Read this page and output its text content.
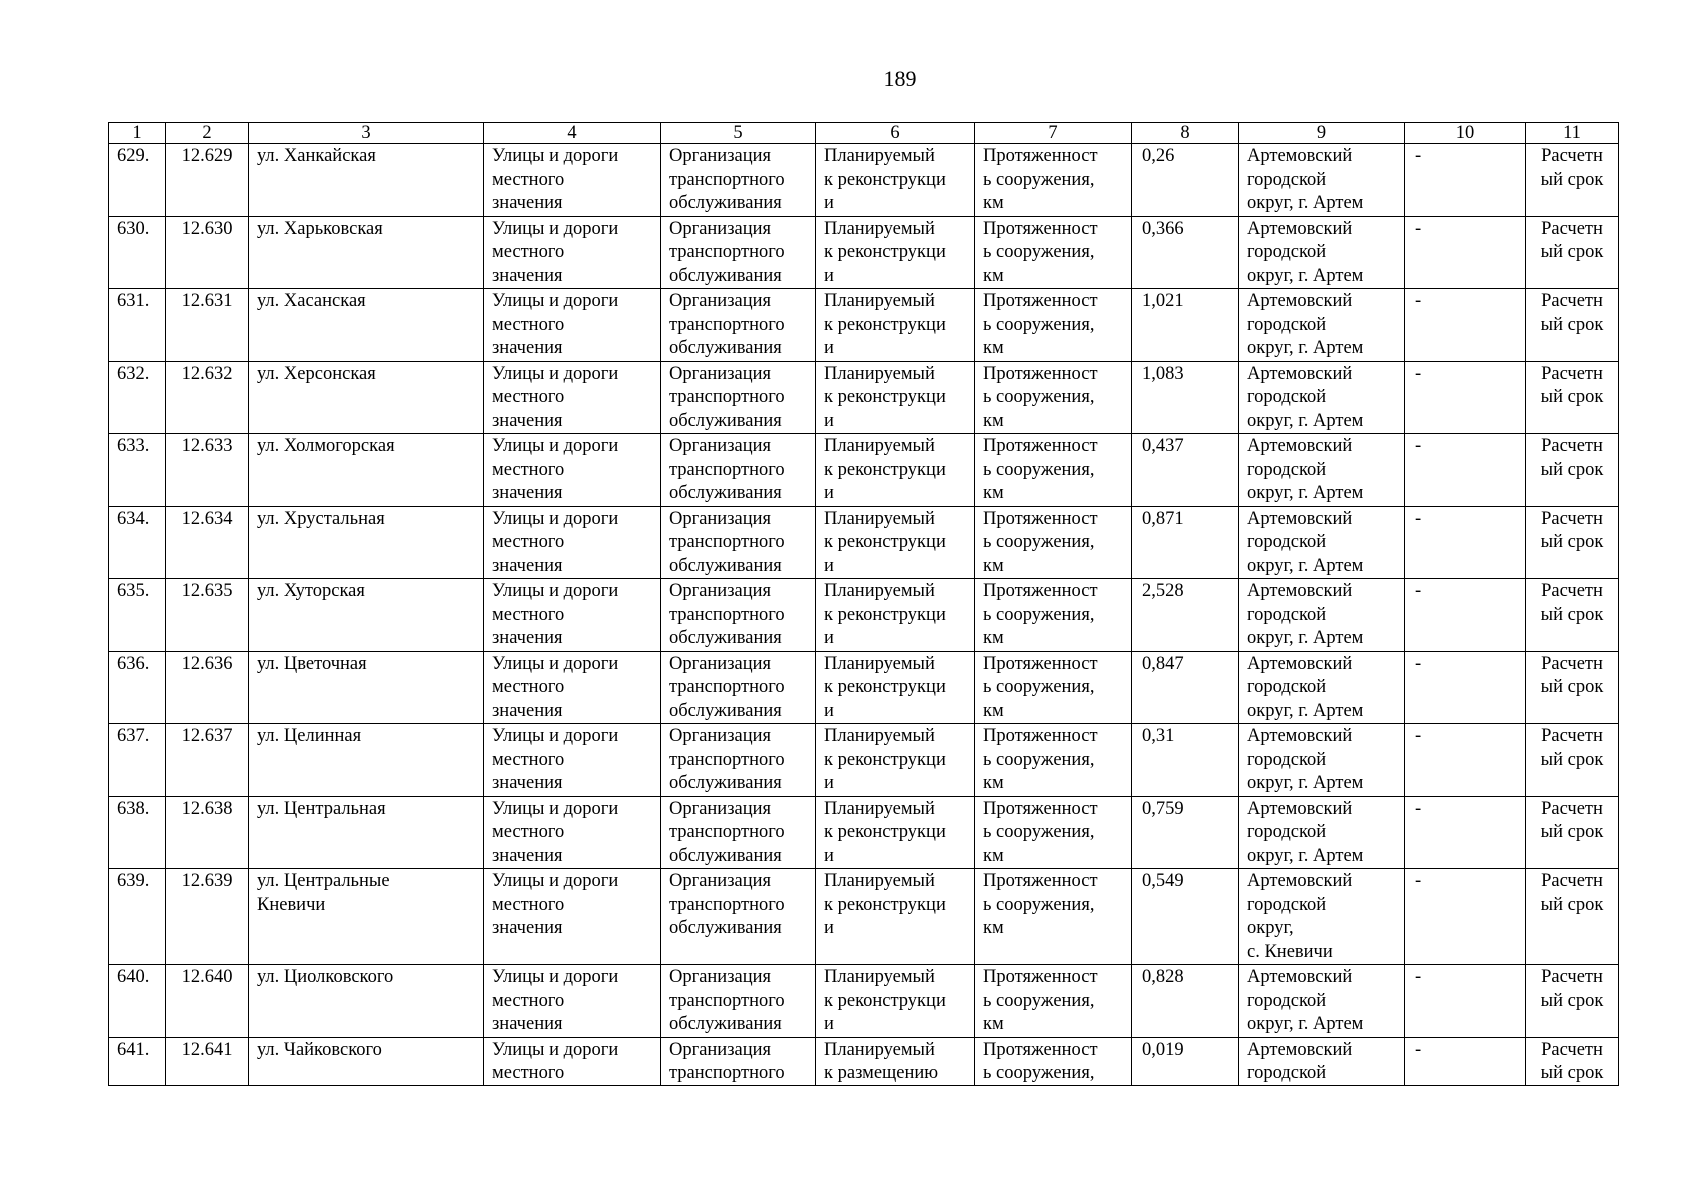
189
1	2	3	4	5	6	7	8	9	10	11
629.	12.629	ул. Ханкайская	Улицы и дороги
местного
значения	Организация
транспортного
обслуживания	Планируемый
к реконструкци
и	Протяженност
ь сооружения,
км	0,26	Артемовский
городской
округ, г. Артем	-	Расчетн
ый срок

630.	12.630	ул. Харьковская	Улицы и дороги
местного
значения	Организация
транспортного
обслуживания	Планируемый
к реконструкци
и	Протяженност
ь сооружения,
км	0,366	Артемовский
городской
округ, г. Артем	-	Расчетн
ый срок

631.	12.631	ул. Хасанская	Улицы и дороги
местного
значения	Организация
транспортного
обслуживания	Планируемый
к реконструкци
и	Протяженност
ь сооружения,
км	1,021	Артемовский
городской
округ, г. Артем	-	Расчетн
ый срок

632.	12.632	ул. Херсонская	Улицы и дороги
местного
значения	Организация
транспортного
обслуживания	Планируемый
к реконструкци
и	Протяженност
ь сооружения,
км	1,083	Артемовский
городской
округ, г. Артем	-	Расчетн
ый срок

633.	12.633	ул. Холмогорская	Улицы и дороги
местного
значения	Организация
транспортного
обслуживания	Планируемый
к реконструкци
и	Протяженност
ь сооружения,
км	0,437	Артемовский
городской
округ, г. Артем	-	Расчетн
ый срок

634.	12.634	ул. Хрустальная	Улицы и дороги
местного
значения	Организация
транспортного
обслуживания	Планируемый
к реконструкци
и	Протяженност
ь сооружения,
км	0,871	Артемовский
городской
округ, г. Артем	-	Расчетн
ый срок

635.	12.635	ул. Хуторская	Улицы и дороги
местного
значения	Организация
транспортного
обслуживания	Планируемый
к реконструкци
и	Протяженност
ь сооружения,
км	2,528	Артемовский
городской
округ, г. Артем	-	Расчетн
ый срок

636.	12.636	ул. Цветочная	Улицы и дороги
местного
значения	Организация
транспортного
обслуживания	Планируемый
к реконструкци
и	Протяженност
ь сооружения,
км	0,847	Артемовский
городской
округ, г. Артем	-	Расчетн
ый срок

637.	12.637	ул. Целинная	Улицы и дороги
местного
значения	Организация
транспортного
обслуживания	Планируемый
к реконструкци
и	Протяженност
ь сооружения,
км	0,31	Артемовский
городской
округ, г. Артем	-	Расчетн
ый срок

638.	12.638	ул. Центральная	Улицы и дороги
местного
значения	Организация
транспортного
обслуживания	Планируемый
к реконструкци
и	Протяженност
ь сооружения,
км	0,759	Артемовский
городской
округ, г. Артем	-	Расчетн
ый срок

639.	12.639	ул. Центральные
Кневичи	Улицы и дороги
местного
значения	Организация
транспортного
обслуживания	Планируемый
к реконструкци
и	Протяженност
ь сооружения,
км	0,549	Артемовский
городской
округ,
с. Кневичи	-	Расчетн
ый срок

640.	12.640	ул. Циолковского	Улицы и дороги
местного
значения	Организация
транспортного
обслуживания	Планируемый
к реконструкци
и	Протяженност
ь сооружения,
км	0,828	Артемовский
городской
округ, г. Артем	-	Расчетн
ый срок

641.	12.641	ул. Чайковского	Улицы и дороги
местного	Организация
транспортного	Планируемый
к размещению	Протяженност
ь сооружения,	0,019	Артемовский
городской	-	Расчетн
ый срок
